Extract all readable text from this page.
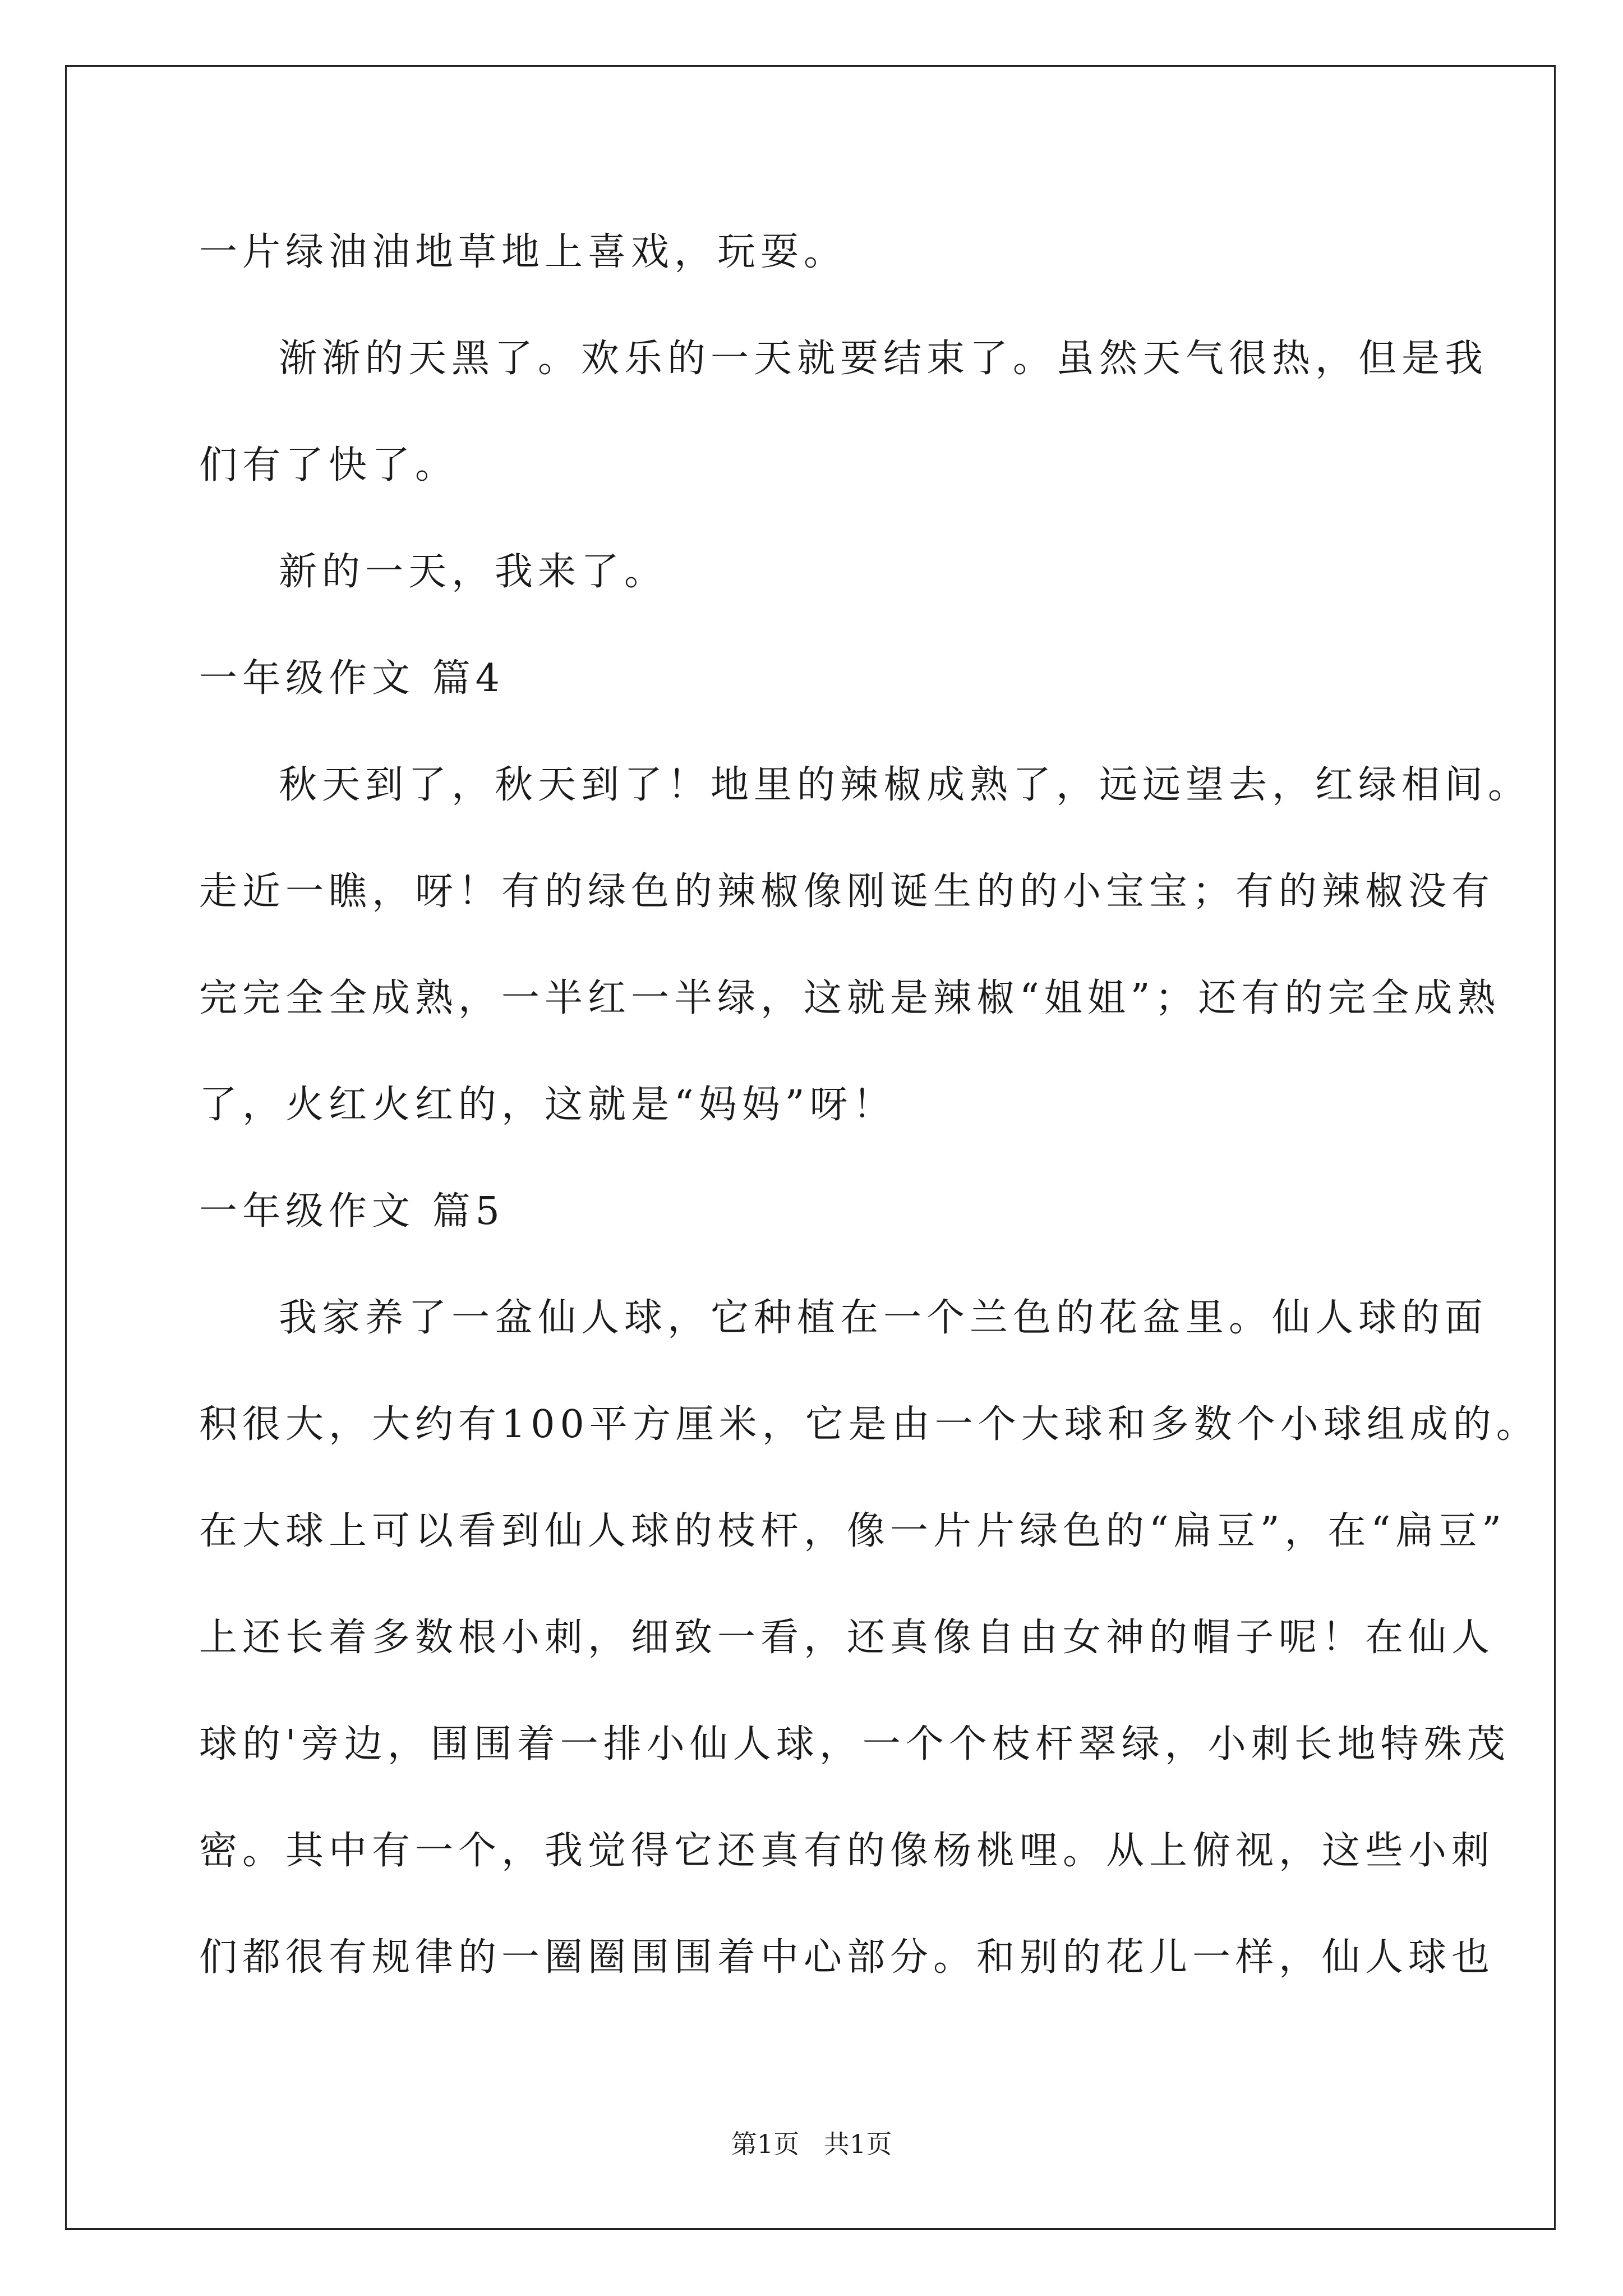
一片绿油油地草地上喜戏，玩耍。
渐渐的天黑了。欢乐的一天就要结束了。虽然天气很热，但是我
们有了快了。
新的一天，我来了。
一年级作文 篇4
秋天到了，秋天到了！地里的辣椒成熟了，远远望去，红绿相间。
走近一瞧，呀！有的绿色的辣椒像刚诞生的的小宝宝；有的辣椒没有
完完全全成熟，一半红一半绿，这就是辣椒“姐姐”；还有的完全成熟
了，火红火红的，这就是“妈妈”呀！
一年级作文 篇5
我家养了一盆仙人球，它种植在一个兰色的花盆里。仙人球的面
积很大，大约有100平方厘米，它是由一个大球和多数个小球组成的。
在大球上可以看到仙人球的枝杆，像一片片绿色的“扁豆”，在“扁豆”
上还长着多数根小刺，细致一看，还真像自由女神的帽子呢！在仙人
球的'旁边，围围着一排小仙人球，一个个枝杆翠绿，小刺长地特殊茂
密。其中有一个，我觉得它还真有的像杨桃哩。从上俯视，这些小刺
们都很有规律的一圈圈围围着中心部分。和别的花儿一样，仙人球也
第1页   共1页
